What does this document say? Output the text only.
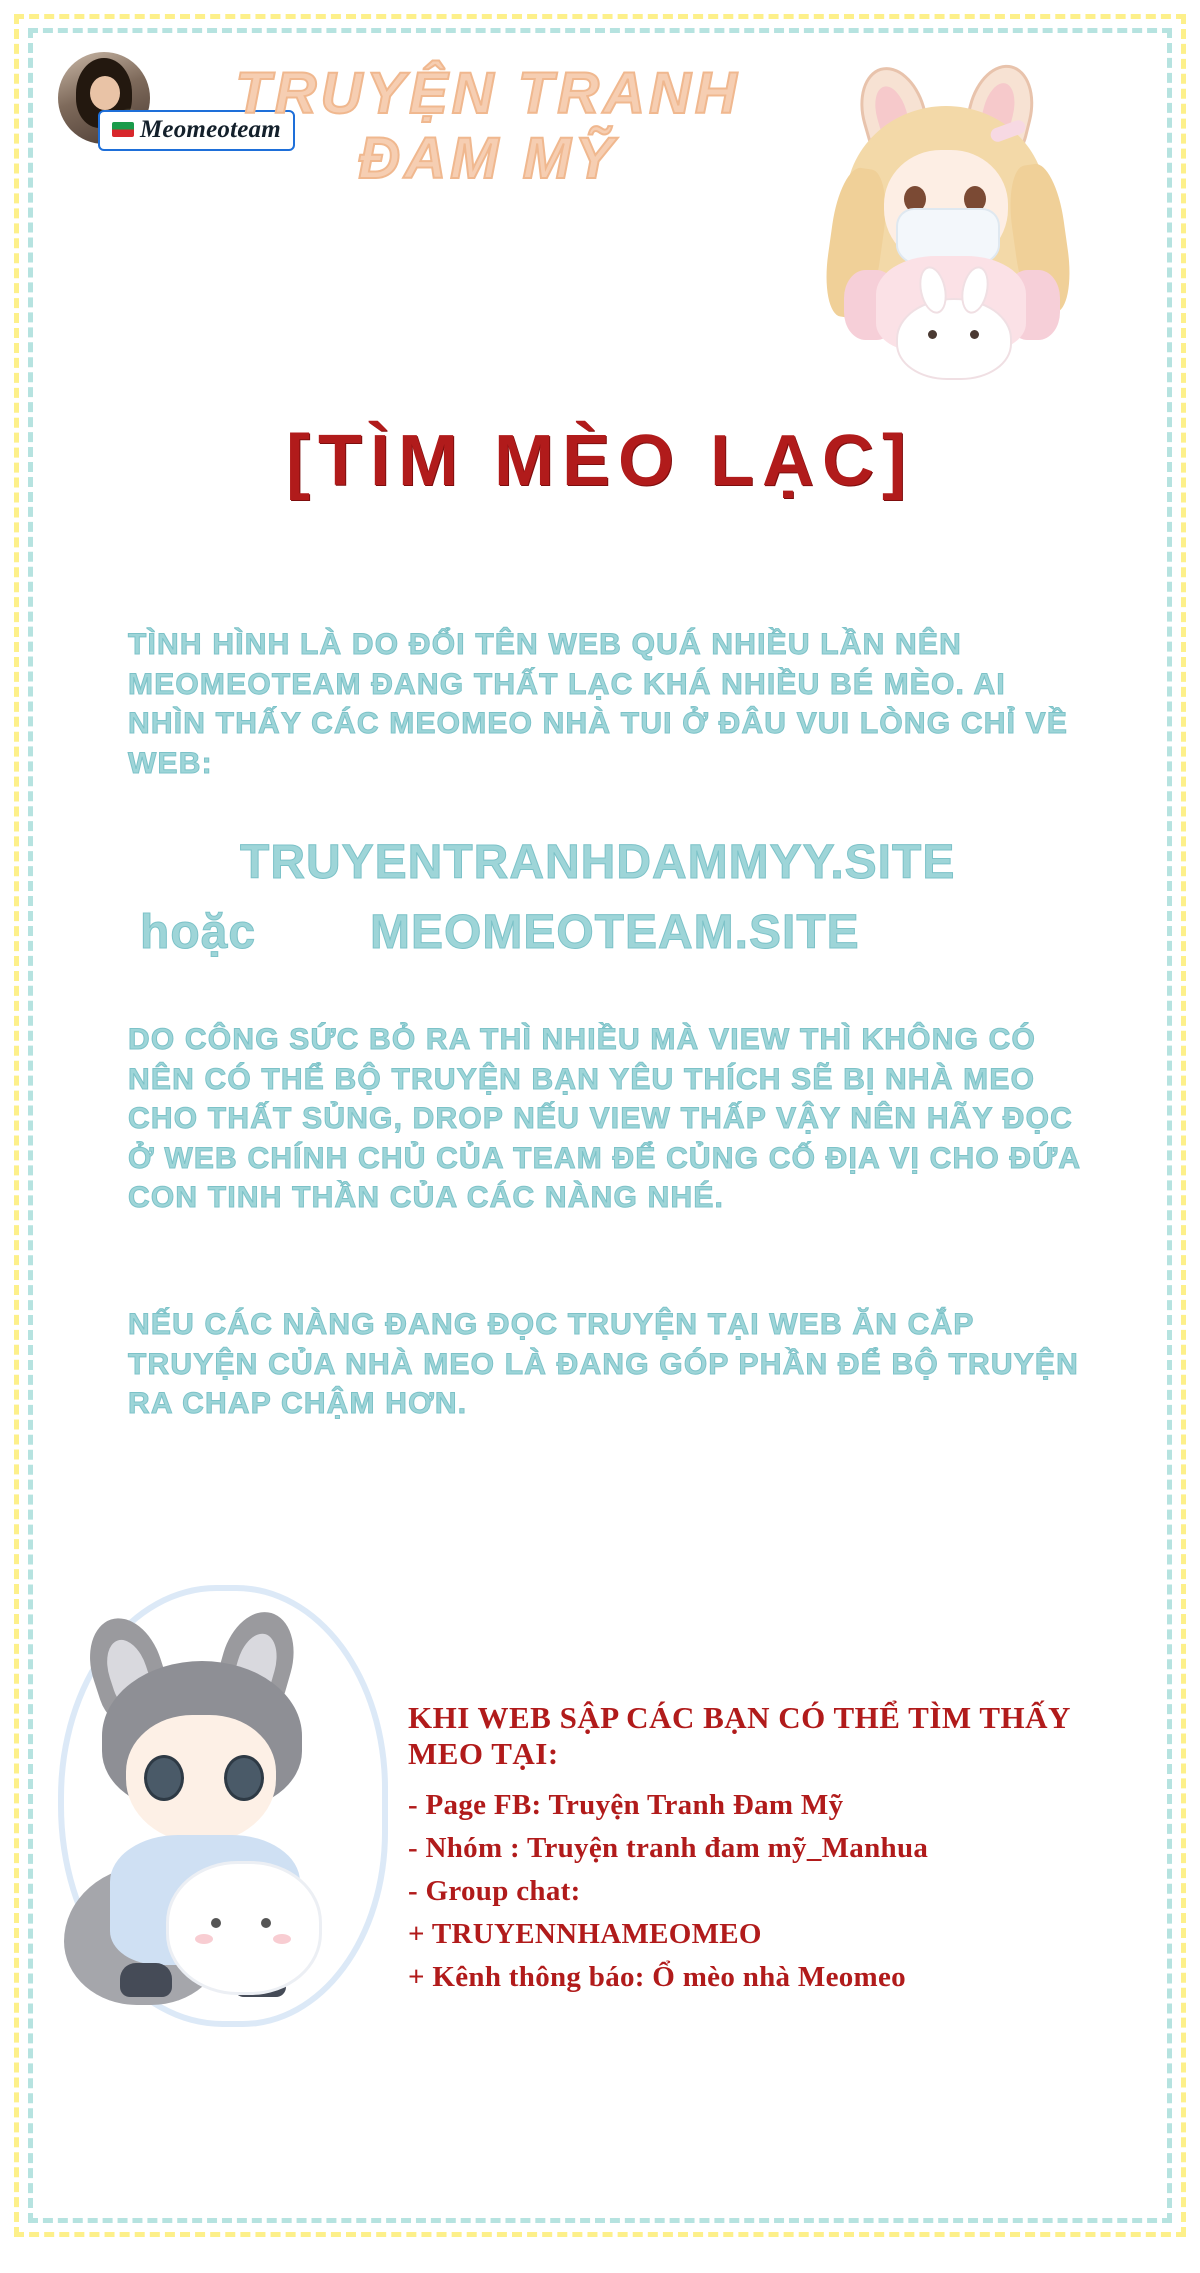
Meomeoteam
TRUYỆN TRANH
ĐAM MỸ
[TÌM MÈO LẠC]
TÌNH HÌNH LÀ DO ĐỔI TÊN WEB QUÁ NHIỀU LẦN NÊN MEOMEOTEAM ĐANG THẤT LẠC KHÁ NHIỀU BÉ MÈO. AI NHÌN THẤY CÁC MEOMEO NHÀ TUI Ở ĐÂU VUI LÒNG CHỈ VỀ WEB:
TRUYENTRANHDAMMYY.SITE
hoặc MEOMEOTEAM.SITE
DO CÔNG SỨC BỎ RA THÌ NHIỀU MÀ VIEW THÌ KHÔNG CÓ NÊN CÓ THỂ BỘ TRUYỆN BẠN YÊU THÍCH SẼ BỊ NHÀ MEO CHO THẤT SỦNG, DROP NẾU VIEW THẤP VẬY NÊN HÃY ĐỌC Ở WEB CHÍNH CHỦ CỦA TEAM ĐỂ CỦNG CỐ ĐỊA VỊ CHO ĐỨA CON TINH THẦN CỦA CÁC NÀNG NHÉ.
NẾU CÁC NÀNG ĐANG ĐỌC TRUYỆN TẠI WEB ĂN CẮP TRUYỆN CỦA NHÀ MEO LÀ ĐANG GÓP PHẦN ĐỂ BỘ TRUYỆN RA CHAP CHẬM HƠN.
KHI WEB SẬP CÁC BẠN CÓ THỂ TÌM THẤY MEO TẠI:
- Page FB: Truyện Tranh Đam Mỹ
- Nhóm : Truyện tranh đam mỹ_Manhua
- Group chat:
+ TRUYENNHAMEOMEO
+ Kênh thông báo: Ổ mèo nhà Meomeo
